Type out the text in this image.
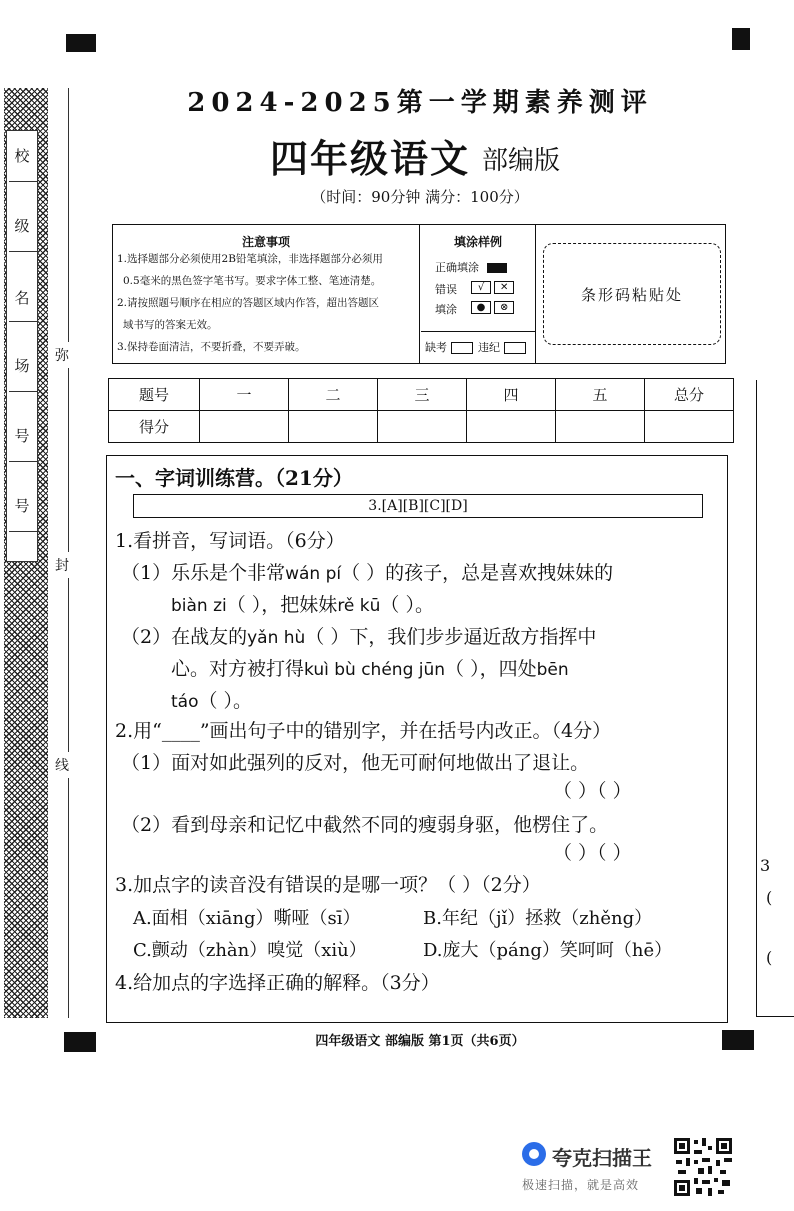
校
级
名
场
号
号
弥
封
线
2024-2025第一学期素养测评
四年级语文 部编版
（时间：90分钟 满分：100分）
注意事项
1.选择题部分必须使用2B铅笔填涂，非选择题部分必须用
0.5毫米的黑色签字笔书写。要求字体工整、笔迹清楚。
2.请按照题号顺序在相应的答题区域内作答，超出答题区
域书写的答案无效。
3.保持卷面清洁，不要折叠，不要弄破。
填涂样例
正确填涂
错误
填涂
√ ✕
● ⊗
缺考	违纪
条形码粘贴处
题号	一	二	三	四	五	总分
得分						
一、字词训练营。（21分）
3.[A][B][C][D]
1.看拼音，写词语。（6分）
（1）乐乐是个非常wán pí（ ）的孩子，总是喜欢拽妹妹的
biàn zi（ ），把妹妹rě kū（ ）。
（2）在战友的yǎn hù（ ）下，我们步步逼近敌方指挥中
心。对方被打得kuì bù chéng jūn（ ），四处bēn
táo（ ）。
2.用“____”画出句子中的错别字，并在括号内改正。（4分）
（1）面对如此强列的反对，他无可耐何地做出了退让。
（ ）（ ）
（2）看到母亲和记忆中截然不同的瘦弱身驱，他楞住了。
（ ）（ ）
3.加点字的读音没有错误的是哪一项？（ ）（2分）
A.面相（xiāng）嘶哑（sī）	B.年纪（jǐ）拯救（zhěng）
C.颤动（zhàn）嗅觉（xiù）	D.庞大（páng）笑呵呵（hē）
4.给加点的字选择正确的解释。（3分）
3
(
(
四年级语文 部编版 第1页（共6页）
夸克扫描王
极速扫描，就是高效
